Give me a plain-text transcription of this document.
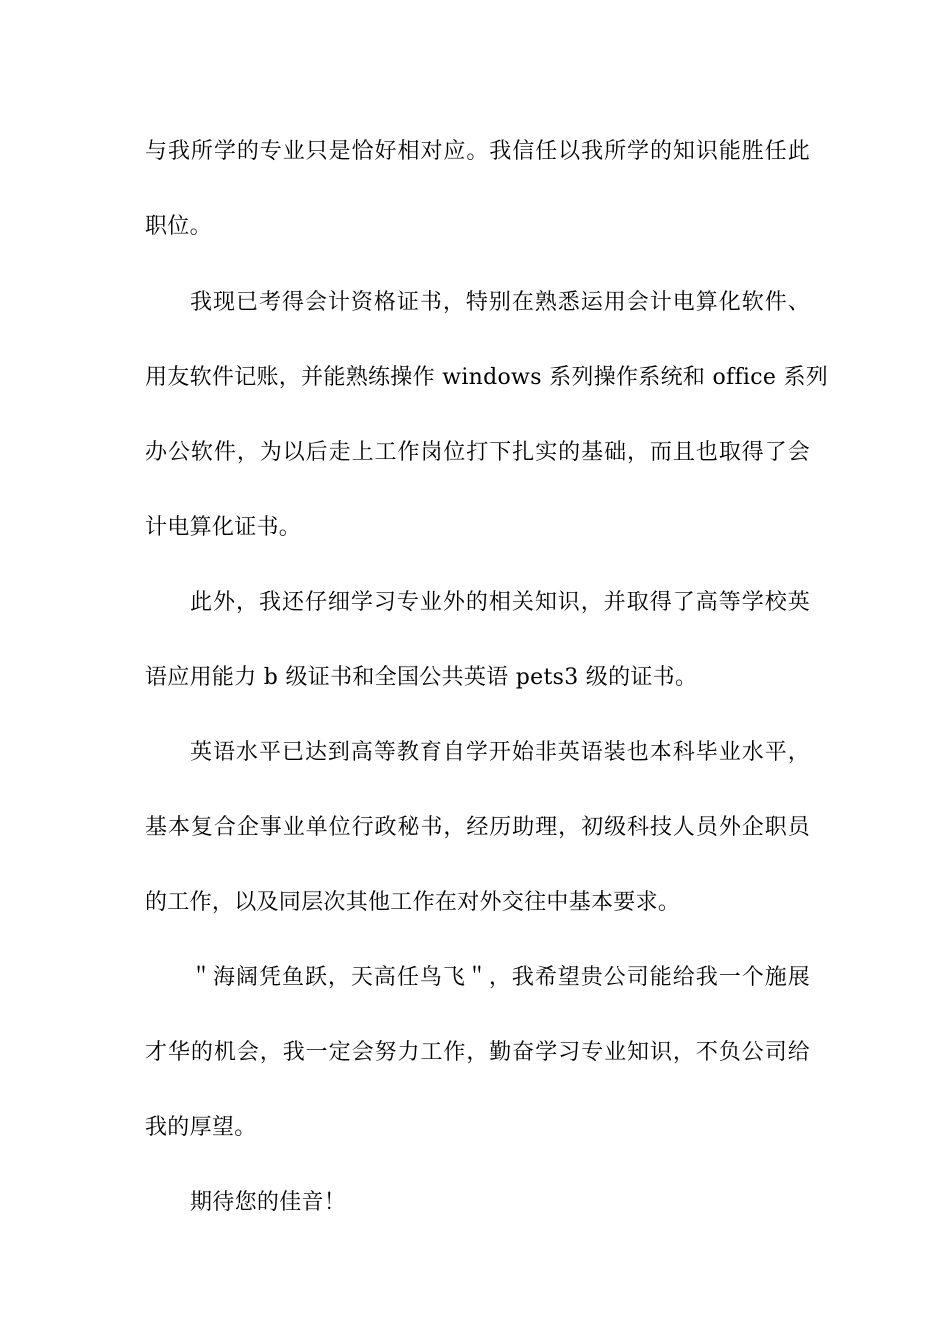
与我所学的专业只是恰好相对应。我信任以我所学的知识能胜任此
职位。
我现已考得会计资格证书，特别在熟悉运用会计电算化软件、
用友软件记账，并能熟练操作 windows 系列操作系统和 office 系列
办公软件，为以后走上工作岗位打下扎实的基础，而且也取得了会
计电算化证书。
此外，我还仔细学习专业外的相关知识，并取得了高等学校英
语应用能力 b 级证书和全国公共英语 pets3 级的证书。
英语水平已达到高等教育自学开始非英语装也本科毕业水平，
基本复合企事业单位行政秘书，经历助理，初级科技人员外企职员
的工作，以及同层次其他工作在对外交往中基本要求。
＂海阔凭鱼跃，天高任鸟飞＂，我希望贵公司能给我一个施展
才华的机会，我一定会努力工作，勤奋学习专业知识，不负公司给
我的厚望。
期待您的佳音！
